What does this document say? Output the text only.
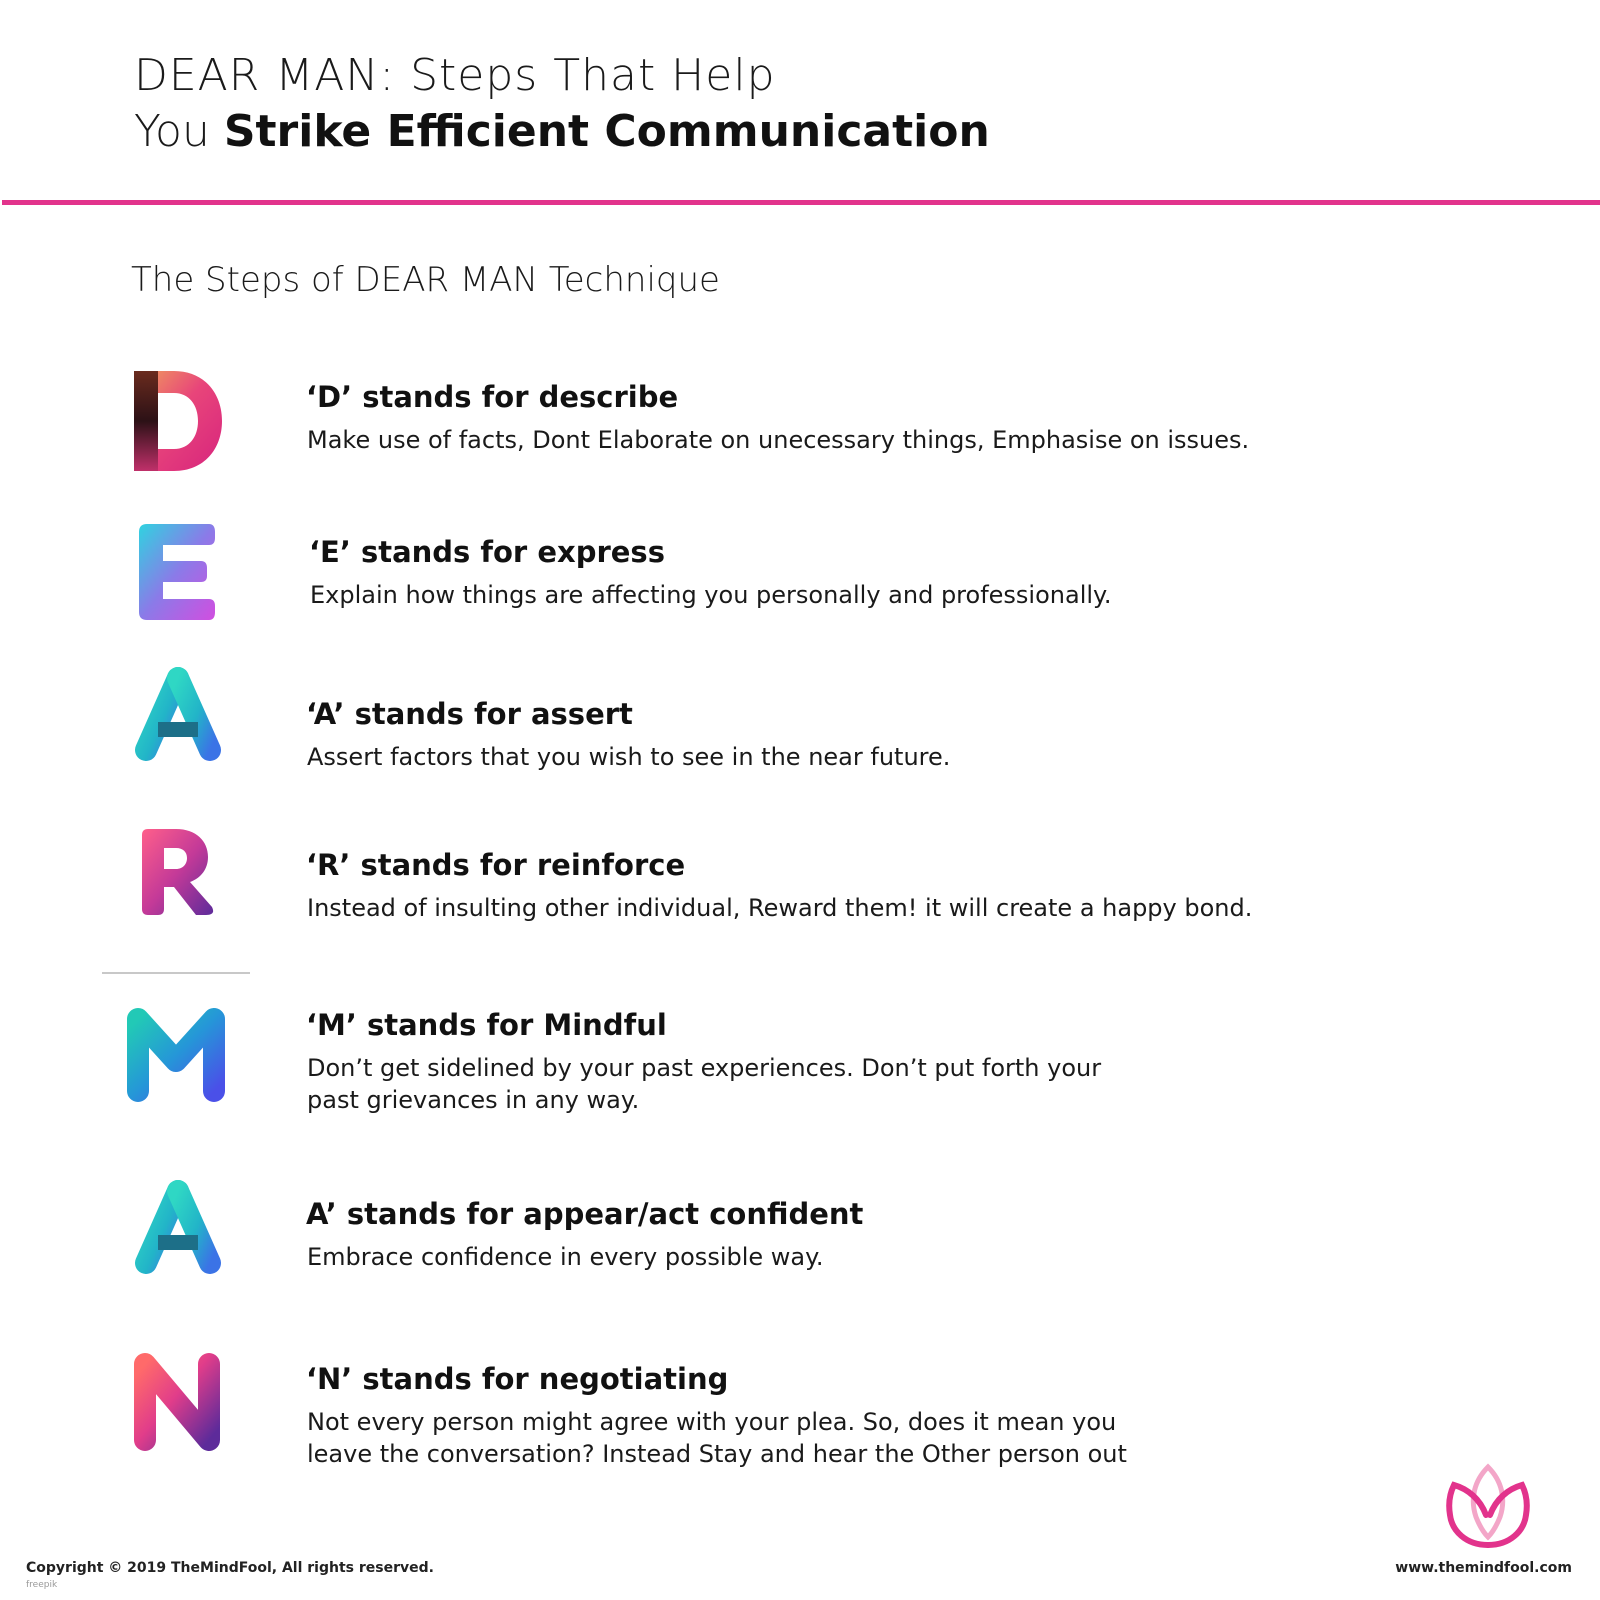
DEAR MAN: Steps That Help
You Strike Efficient Communication
The Steps of DEAR MAN Technique
‘D’ stands for describe
Make use of facts, Dont Elaborate on unecessary things, Emphasise on issues.
‘E’ stands for express
Explain how things are affecting you personally and professionally.
‘A’ stands for assert
Assert factors that you wish to see in the near future.
‘R’ stands for reinforce
Instead of insulting other individual, Reward them! it will create a happy bond.
‘M’ stands for Mindful
Don’t get sidelined by your past experiences. Don’t put forth your
past grievances in any way.
A’ stands for appear/act confident
Embrace confidence in every possible way.
‘N’ stands for negotiating
Not every person might agree with your plea. So, does it mean you
leave the conversation? Instead Stay and hear the Other person out
Copyright © 2019 TheMindFool, All rights reserved.
freepik
www.themindfool.com
